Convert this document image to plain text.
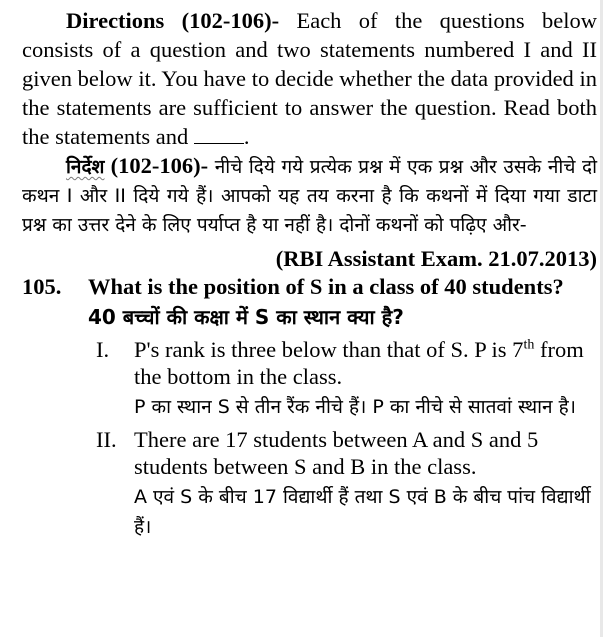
Directions (102-106)- Each of the questions below consists of a question and two statements numbered I and II given below it. You have to decide whether the data provided in the statements are sufficient to answer the question. Read both the statements and .
निर्देश (102-106)- नीचे दिये गये प्रत्येक प्रश्न में एक प्रश्न और उसके नीचे दो कथन I और II दिये गये हैं। आपको यह तय करना है कि कथनों में दिया गया डाटा प्रश्न का उत्तर देने के लिए पर्याप्त है या नहीं है। दोनों कथनों को पढ़िए और-
(RBI Assistant Exam. 21.07.2013)
105.	What is the position of S in a class of 40 students?
40 बच्चों की कक्षा में S का स्थान क्या है?
I.	P's rank is three below than that of S. P is 7th from the bottom in the class.
P का स्थान S से तीन रैंक नीचे हैं। P का नीचे से सातवां स्थान है।
II. There are 17 students between A and S and 5 students between S and B in the class.
A एवं S के बीच 17 विद्यार्थी हैं तथा S एवं B के बीच पांच विद्यार्थी हैं।
